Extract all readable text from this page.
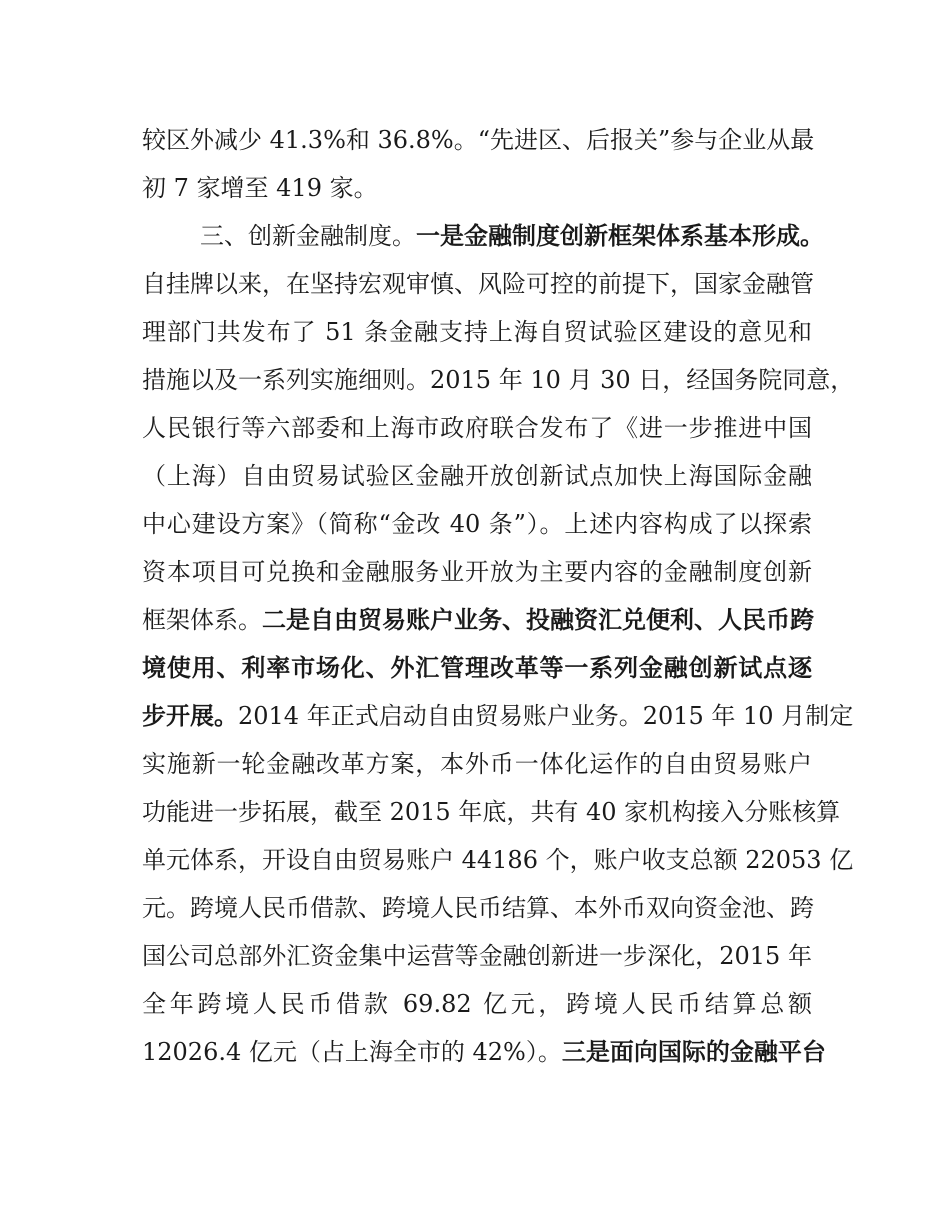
较区外减少 41.3%和 36.8%。“先进区、后报关”参与企业从最
初 7 家增至 419 家。
三、创新金融制度。一是金融制度创新框架体系基本形成。
自挂牌以来，在坚持宏观审慎、风险可控的前提下，国家金融管
理部门共发布了 51 条金融支持上海自贸试验区建设的意见和
措施以及一系列实施细则。2015 年 10 月 30 日，经国务院同意，
人民银行等六部委和上海市政府联合发布了《进一步推进中国
（上海）自由贸易试验区金融开放创新试点加快上海国际金融
中心建设方案》（简称“金改 40 条”）。上述内容构成了以探索
资本项目可兑换和金融服务业开放为主要内容的金融制度创新
框架体系。二是自由贸易账户业务、投融资汇兑便利、人民币跨
境使用、利率市场化、外汇管理改革等一系列金融创新试点逐
步开展。2014 年正式启动自由贸易账户业务。2015 年 10 月制定
实施新一轮金融改革方案，本外币一体化运作的自由贸易账户
功能进一步拓展，截至 2015 年底，共有 40 家机构接入分账核算
单元体系，开设自由贸易账户 44186 个，账户收支总额 22053 亿
元。跨境人民币借款、跨境人民币结算、本外币双向资金池、跨
国公司总部外汇资金集中运营等金融创新进一步深化，2015 年
全年跨境人民币借款 69.82 亿元，跨境人民币结算总额
12026.4 亿元（占上海全市的 42%）。三是面向国际的金融平台
